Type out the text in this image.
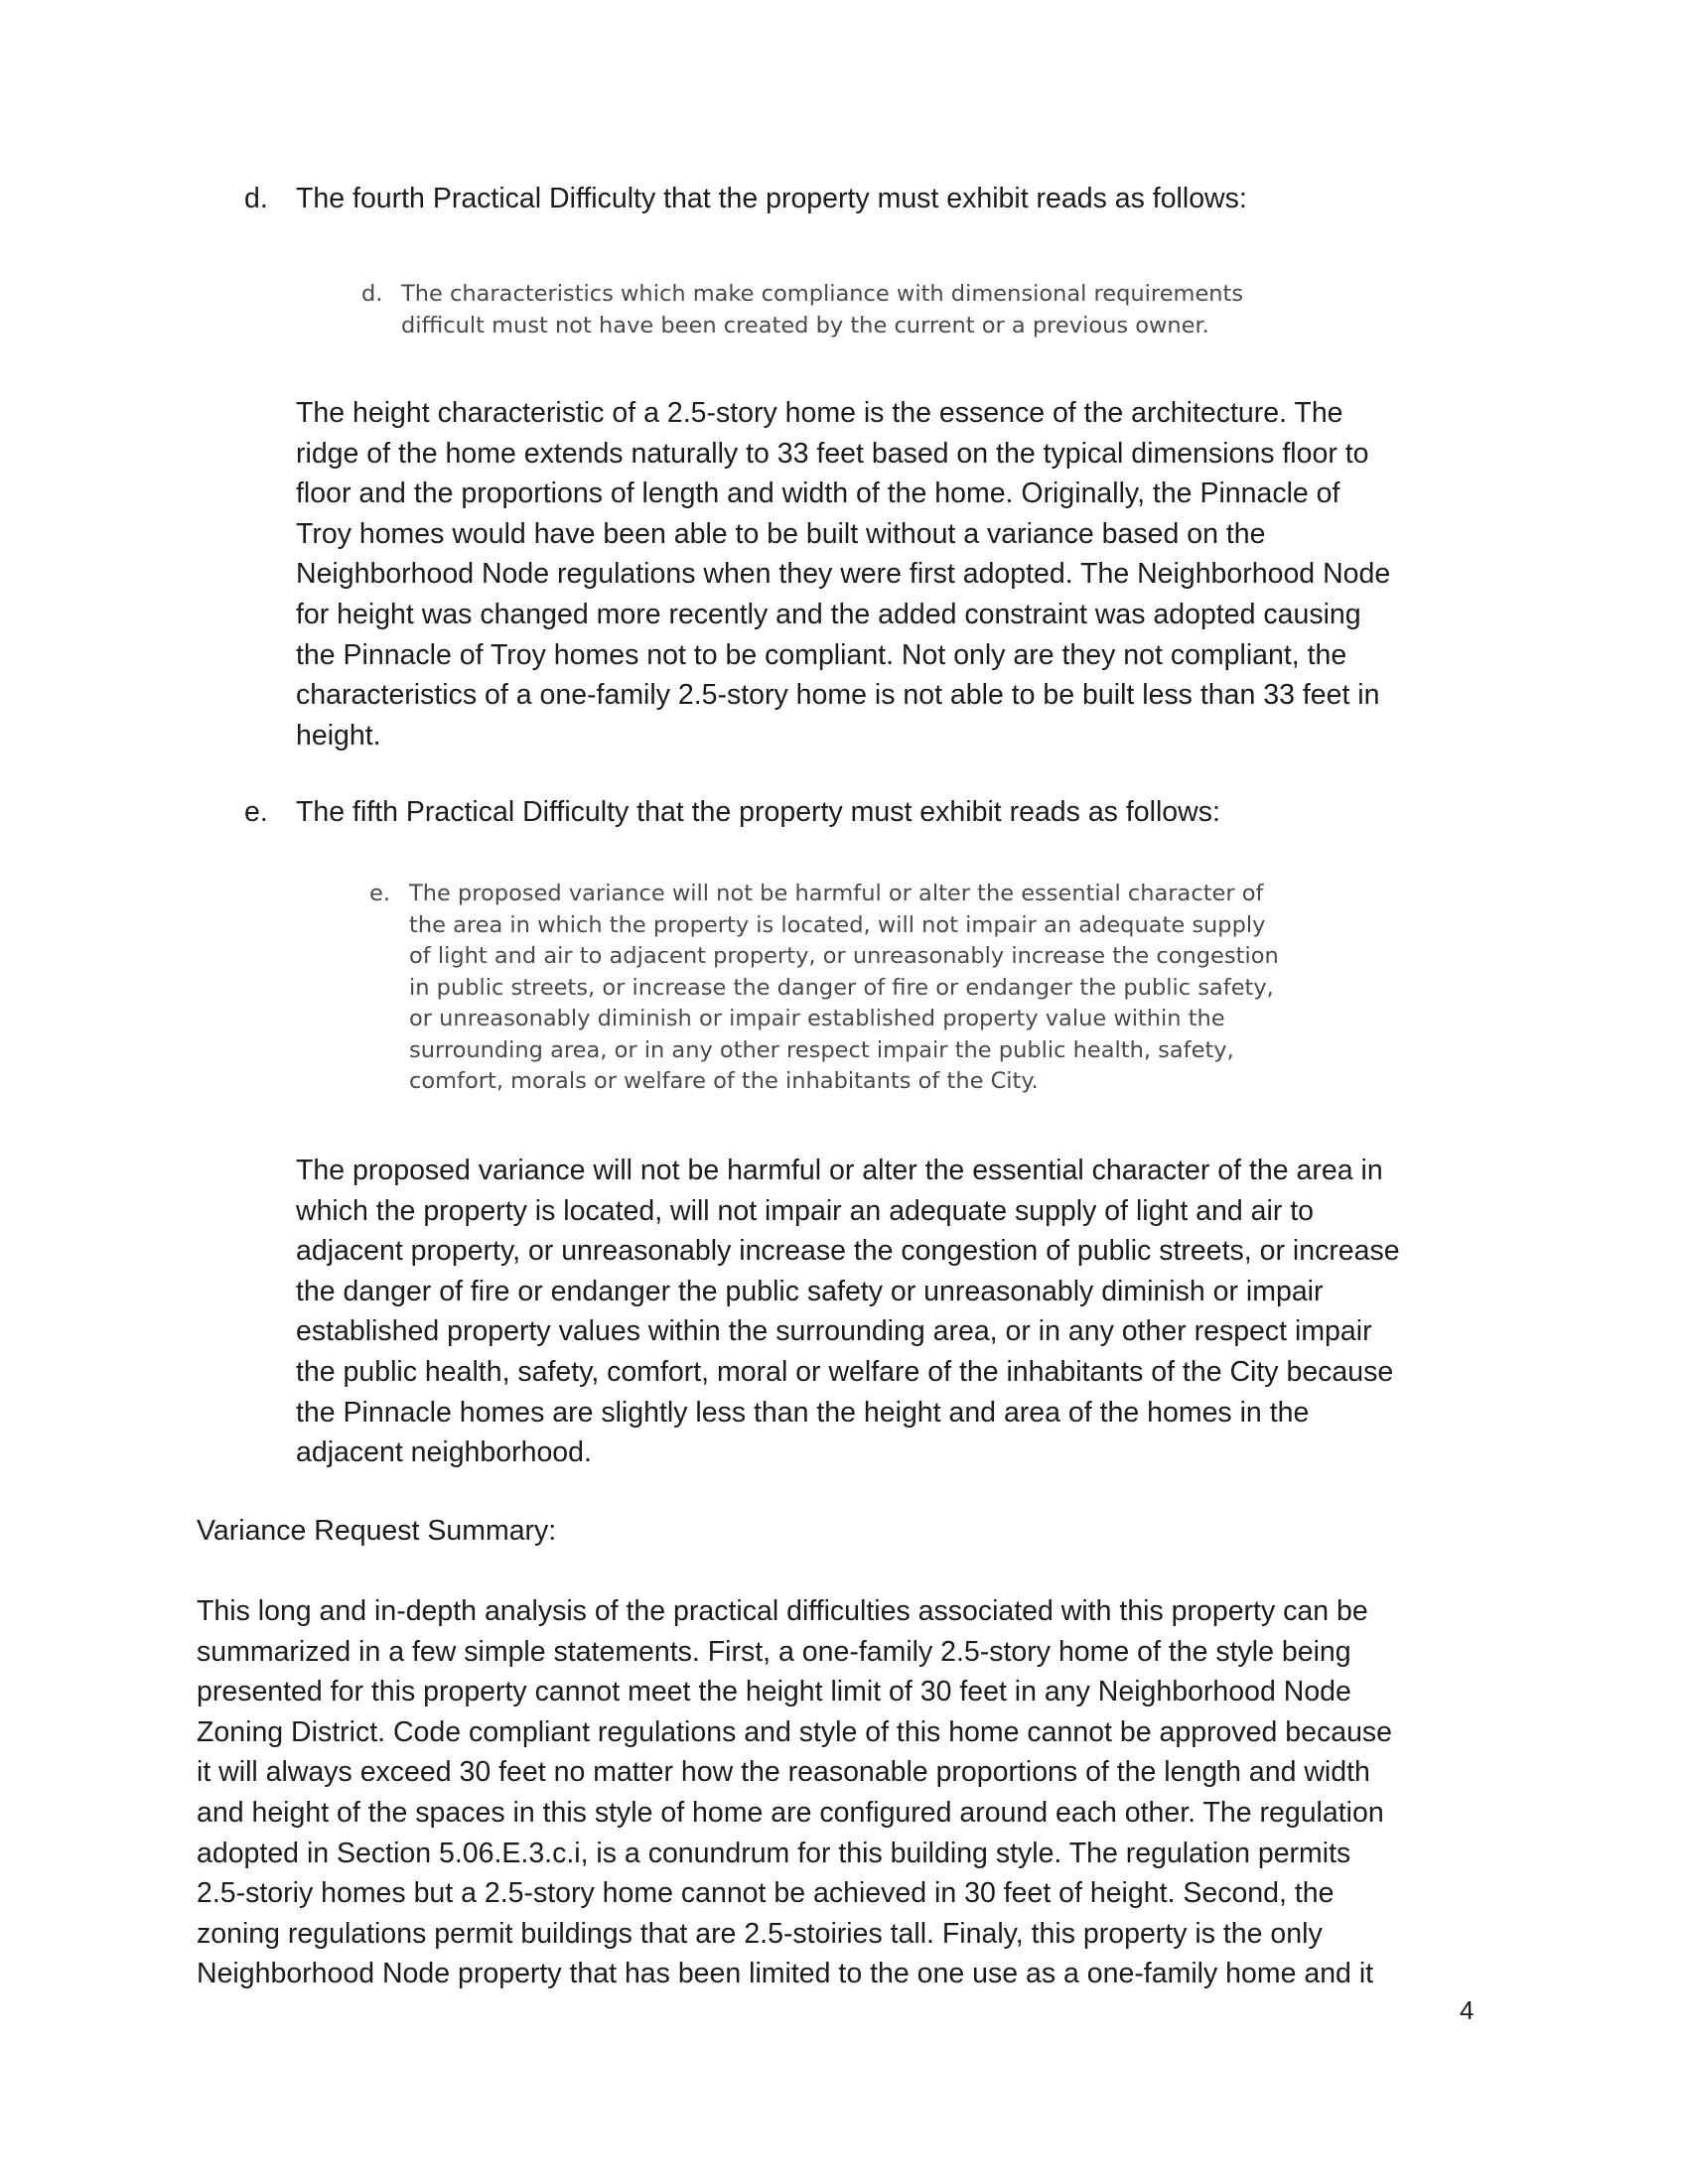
d. The fourth Practical Difficulty that the property must exhibit reads as follows:
d. The characteristics which make compliance with dimensional requirements
difficult must not have been created by the current or a previous owner.
The height characteristic of a 2.5-story home is the essence of the architecture. The
ridge of the home extends naturally to 33 feet based on the typical dimensions floor to
floor and the proportions of length and width of the home. Originally, the Pinnacle of
Troy homes would have been able to be built without a variance based on the
Neighborhood Node regulations when they were first adopted. The Neighborhood Node
for height was changed more recently and the added constraint was adopted causing
the Pinnacle of Troy homes not to be compliant. Not only are they not compliant, the
characteristics of a one-family 2.5-story home is not able to be built less than 33 feet in
height.
e. The fifth Practical Difficulty that the property must exhibit reads as follows:
e. The proposed variance will not be harmful or alter the essential character of
the area in which the property is located, will not impair an adequate supply
of light and air to adjacent property, or unreasonably increase the congestion
in public streets, or increase the danger of fire or endanger the public safety,
or unreasonably diminish or impair established property value within the
surrounding area, or in any other respect impair the public health, safety,
comfort, morals or welfare of the inhabitants of the City.
The proposed variance will not be harmful or alter the essential character of the area in
which the property is located, will not impair an adequate supply of light and air to
adjacent property, or unreasonably increase the congestion of public streets, or increase
the danger of fire or endanger the public safety or unreasonably diminish or impair
established property values within the surrounding area, or in any other respect impair
the public health, safety, comfort, moral or welfare of the inhabitants of the City because
the Pinnacle homes are slightly less than the height and area of the homes in the
adjacent neighborhood.
Variance Request Summary:
This long and in-depth analysis of the practical difficulties associated with this property can be
summarized in a few simple statements. First, a one-family 2.5-story home of the style being
presented for this property cannot meet the height limit of 30 feet in any Neighborhood Node
Zoning District. Code compliant regulations and style of this home cannot be approved because
it will always exceed 30 feet no matter how the reasonable proportions of the length and width
and height of the spaces in this style of home are configured around each other. The regulation
adopted in Section 5.06.E.3.c.i, is a conundrum for this building style. The regulation permits
2.5-storiy homes but a 2.5-story home cannot be achieved in 30 feet of height. Second, the
zoning regulations permit buildings that are 2.5-stoiries tall. Finaly, this property is the only
Neighborhood Node property that has been limited to the one use as a one-family home and it
4
